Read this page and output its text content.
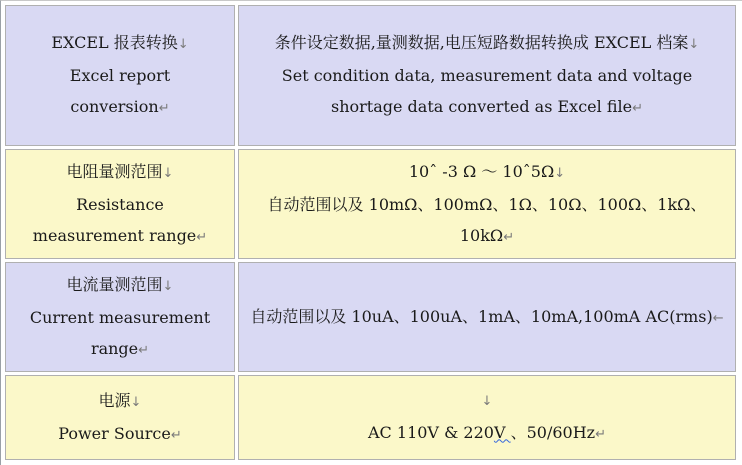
EXCEL 报表转换↓
Excel report
conversion↵	条件设定数据,量测数据,电压短路数据转换成 EXCEL 档案↓
Set condition data, measurement data and voltage shortage data converted as Excel file↵

电阻量测范围↓
Resistance
measurement range↵	10ˆ -3 Ω ～ 10ˆ5Ω↓
自动范围以及 10mΩ、100mΩ、1Ω、10Ω、100Ω、1kΩ、10kΩ↵

电流量测范围↓
Current measurement
range↵	自动范围以及 10uA、100uA、1mA、10mA,100mA AC(rms)←

电源↓
Power Source↵	↓
AC 110V & 220V 、50/60Hz↵
